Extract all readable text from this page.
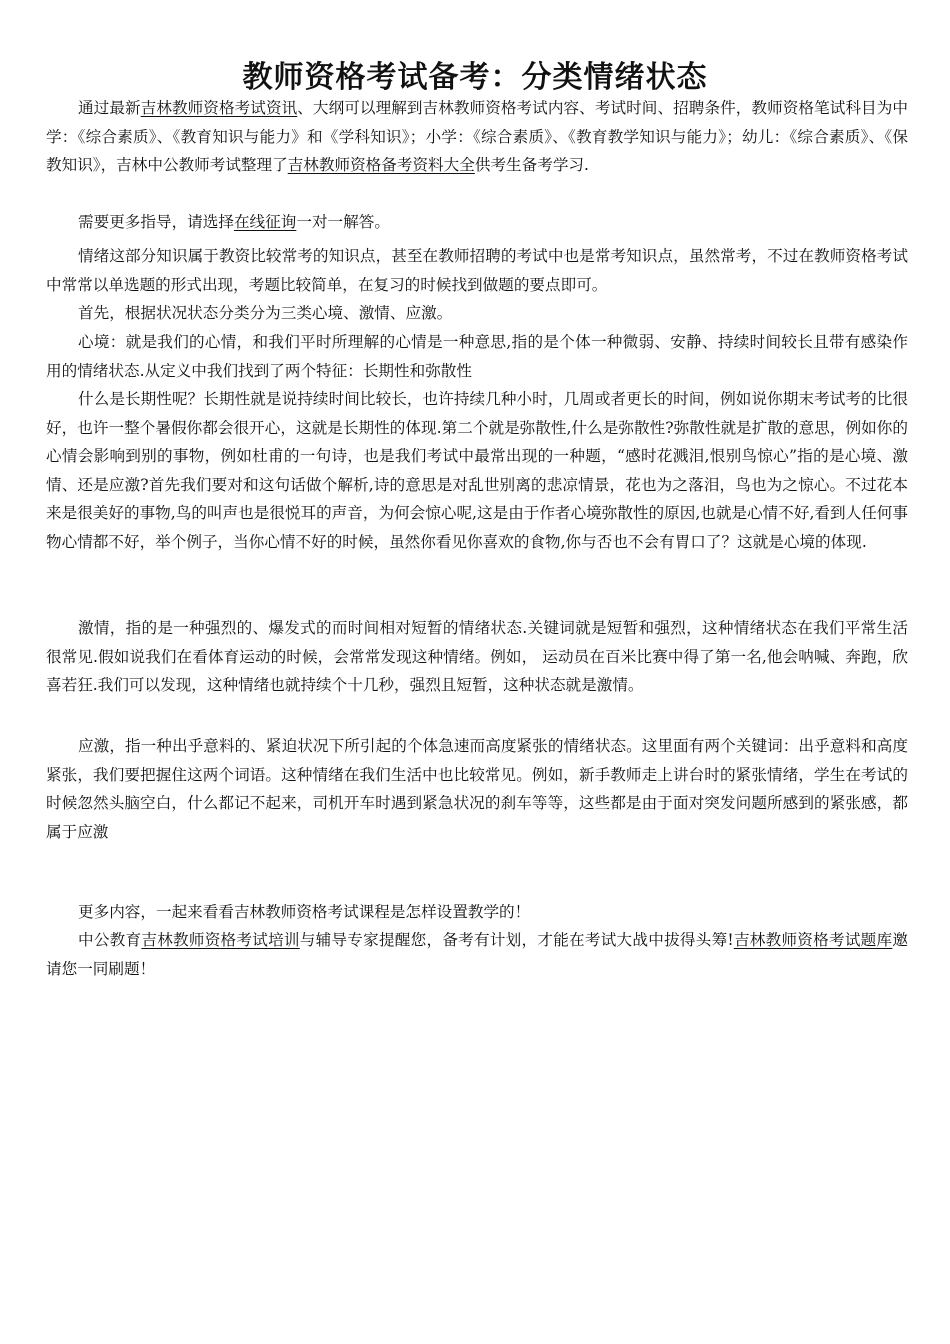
教师资格考试备考：分类情绪状态

通过最新吉林教师资格考试资讯、大纲可以理解到吉林教师资格考试内容、考试时间、招聘条件，教师资格笔试科目为中学：《综合素质》、《教育知识与能力》和《学科知识》；小学：《综合素质》、《教育教学知识与能力》；幼儿：《综合素质》、《保教知识》，吉林中公教师考试整理了吉林教师资格备考资料大全供考生备考学习.

需要更多指导，请选择在线征询一对一解答。

情绪这部分知识属于教资比较常考的知识点，甚至在教师招聘的考试中也是常考知识点，虽然常考，不过在教师资格考试中常常以单选题的形式出现，考题比较简单，在复习的时候找到做题的要点即可。

首先，根据状况状态分类分为三类心境、激情、应激。

心境：就是我们的心情，和我们平时所理解的心情是一种意思,指的是个体一种微弱、安静、持续时间较长且带有感染作用的情绪状态.从定义中我们找到了两个特征：长期性和弥散性

什么是长期性呢？长期性就是说持续时间比较长，也许持续几种小时，几周或者更长的时间，例如说你期末考试考的比很好，也许一整个暑假你都会很开心，这就是长期性的体现.第二个就是弥散性,什么是弥散性?弥散性就是扩散的意思，例如你的心情会影响到别的事物，例如杜甫的一句诗，也是我们考试中最常出现的一种题，“感时花溅泪,恨别鸟惊心”指的是心境、激情、还是应激?首先我们要对和这句话做个解析,诗的意思是对乱世别离的悲凉情景，花也为之落泪，鸟也为之惊心。不过花本来是很美好的事物,鸟的叫声也是很悦耳的声音，为何会惊心呢,这是由于作者心境弥散性的原因,也就是心情不好,看到人任何事物心情都不好，举个例子，当你心情不好的时候，虽然你看见你喜欢的食物,你与否也不会有胃口了？这就是心境的体现.

激情，指的是一种强烈的、爆发式的而时间相对短暂的情绪状态.关键词就是短暂和强烈，这种情绪状态在我们平常生活很常见.假如说我们在看体育运动的时候，会常常发现这种情绪。例如， 运动员在百米比赛中得了第一名,他会呐喊、奔跑，欣喜若狂.我们可以发现，这种情绪也就持续个十几秒，强烈且短暂，这种状态就是激情。

应激，指一种出乎意料的、紧迫状况下所引起的个体急速而高度紧张的情绪状态。这里面有两个关键词：出乎意料和高度紧张，我们要把握住这两个词语。这种情绪在我们生活中也比较常见。例如，新手教师走上讲台时的紧张情绪，学生在考试的时候忽然头脑空白，什么都记不起来，司机开车时遇到紧急状况的刹车等等，这些都是由于面对突发问题所感到的紧张感，都属于应激

更多内容，一起来看看吉林教师资格考试课程是怎样设置教学的！

中公教育吉林教师资格考试培训与辅导专家提醒您，备考有计划，才能在考试大战中拔得头筹!吉林教师资格考试题库邀请您一同刷题！
